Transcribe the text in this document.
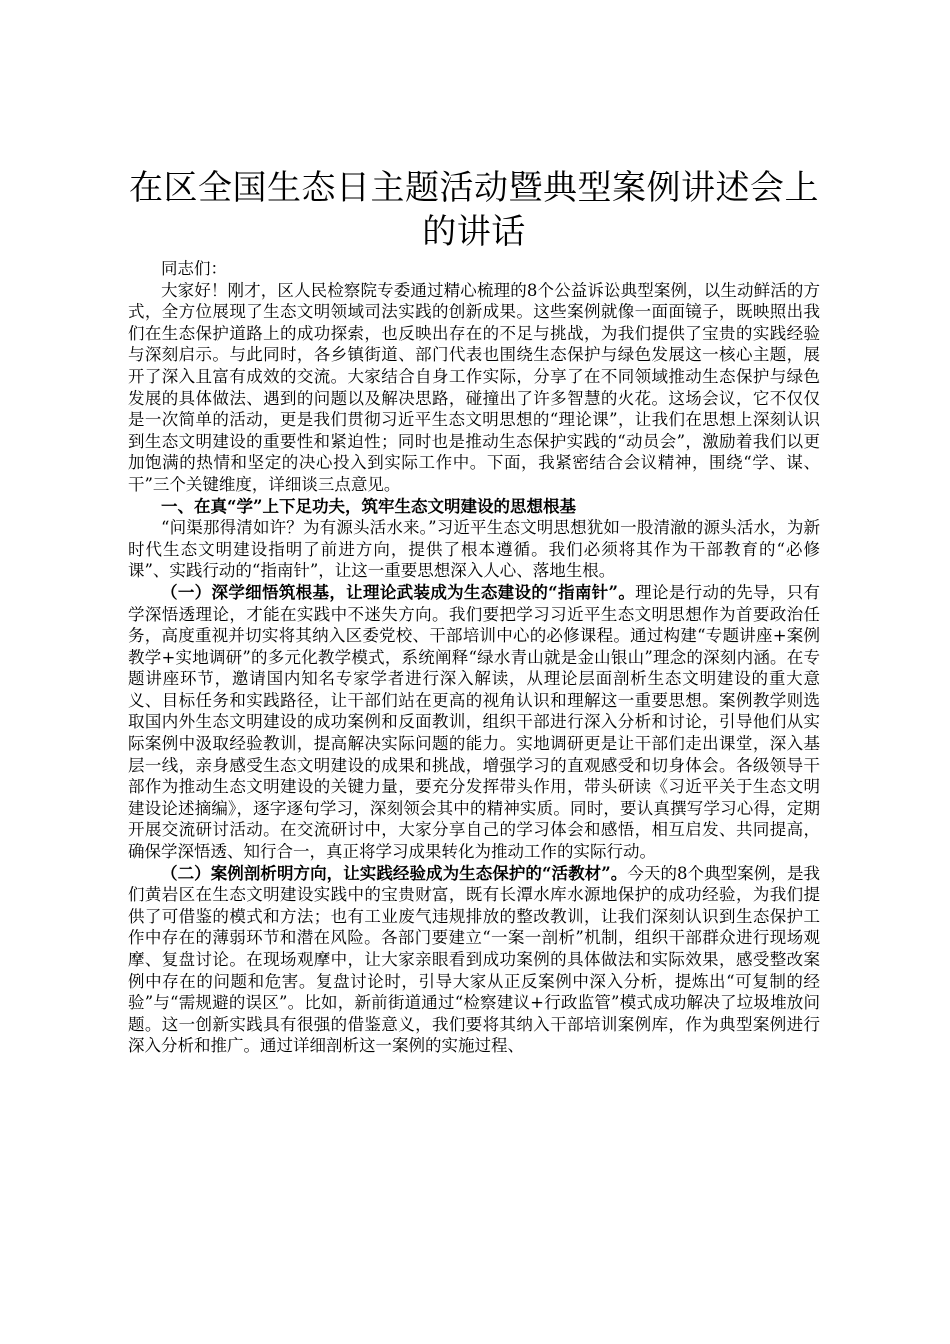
在区全国生态日主题活动暨典型案例讲述会上的讲话

同志们：

大家好！刚才，区人民检察院专委通过精心梳理的8个公益诉讼典型案例，以生动鲜活的方式，全方位展现了生态文明领域司法实践的创新成果。这些案例就像一面面镜子，既映照出我们在生态保护道路上的成功探索，也反映出存在的不足与挑战，为我们提供了宝贵的实践经验与深刻启示。与此同时，各乡镇街道、部门代表也围绕生态保护与绿色发展这一核心主题，展开了深入且富有成效的交流。大家结合自身工作实际，分享了在不同领域推动生态保护与绿色发展的具体做法、遇到的问题以及解决思路，碰撞出了许多智慧的火花。这场会议，它不仅仅是一次简单的活动，更是我们贯彻习近平生态文明思想的“理论课”，让我们在思想上深刻认识到生态文明建设的重要性和紧迫性；同时也是推动生态保护实践的“动员会”，激励着我们以更加饱满的热情和坚定的决心投入到实际工作中。下面，我紧密结合会议精神，围绕“学、谋、干”三个关键维度，详细谈三点意见。

一、在真“学”上下足功夫，筑牢生态文明建设的思想根基

“问渠那得清如许？为有源头活水来。”习近平生态文明思想犹如一股清澈的源头活水，为新时代生态文明建设指明了前进方向，提供了根本遵循。我们必须将其作为干部教育的“必修课”、实践行动的“指南针”，让这一重要思想深入人心、落地生根。

（一）深学细悟筑根基，让理论武装成为生态建设的“指南针”。理论是行动的先导，只有学深悟透理论，才能在实践中不迷失方向。我们要把学习习近平生态文明思想作为首要政治任务，高度重视并切实将其纳入区委党校、干部培训中心的必修课程。通过构建“专题讲座+案例教学+实地调研”的多元化教学模式，系统阐释“绿水青山就是金山银山”理念的深刻内涵。在专题讲座环节，邀请国内知名专家学者进行深入解读，从理论层面剖析生态文明建设的重大意义、目标任务和实践路径，让干部们站在更高的视角认识和理解这一重要思想。案例教学则选取国内外生态文明建设的成功案例和反面教训，组织干部进行深入分析和讨论，引导他们从实际案例中汲取经验教训，提高解决实际问题的能力。实地调研更是让干部们走出课堂，深入基层一线，亲身感受生态文明建设的成果和挑战，增强学习的直观感受和切身体会。各级领导干部作为推动生态文明建设的关键力量，要充分发挥带头作用，带头研读《习近平关于生态文明建设论述摘编》，逐字逐句学习，深刻领会其中的精神实质。同时，要认真撰写学习心得，定期开展交流研讨活动。在交流研讨中，大家分享自己的学习体会和感悟，相互启发、共同提高，确保学深悟透、知行合一，真正将学习成果转化为推动工作的实际行动。

（二）案例剖析明方向，让实践经验成为生态保护的“活教材”。今天的8个典型案例，是我们黄岩区在生态文明建设实践中的宝贵财富，既有长潭水库水源地保护的成功经验，为我们提供了可借鉴的模式和方法；也有工业废气违规排放的整改教训，让我们深刻认识到生态保护工作中存在的薄弱环节和潜在风险。各部门要建立“一案一剖析”机制，组织干部群众进行现场观摩、复盘讨论。在现场观摩中，让大家亲眼看到成功案例的具体做法和实际效果，感受整改案例中存在的问题和危害。复盘讨论时，引导大家从正反案例中深入分析，提炼出“可复制的经验”与“需规避的误区”。比如，新前街道通过“检察建议+行政监管”模式成功解决了垃圾堆放问题。这一创新实践具有很强的借鉴意义，我们要将其纳入干部培训案例库，作为典型案例进行深入分析和推广。通过详细剖析这一案例的实施过程、
